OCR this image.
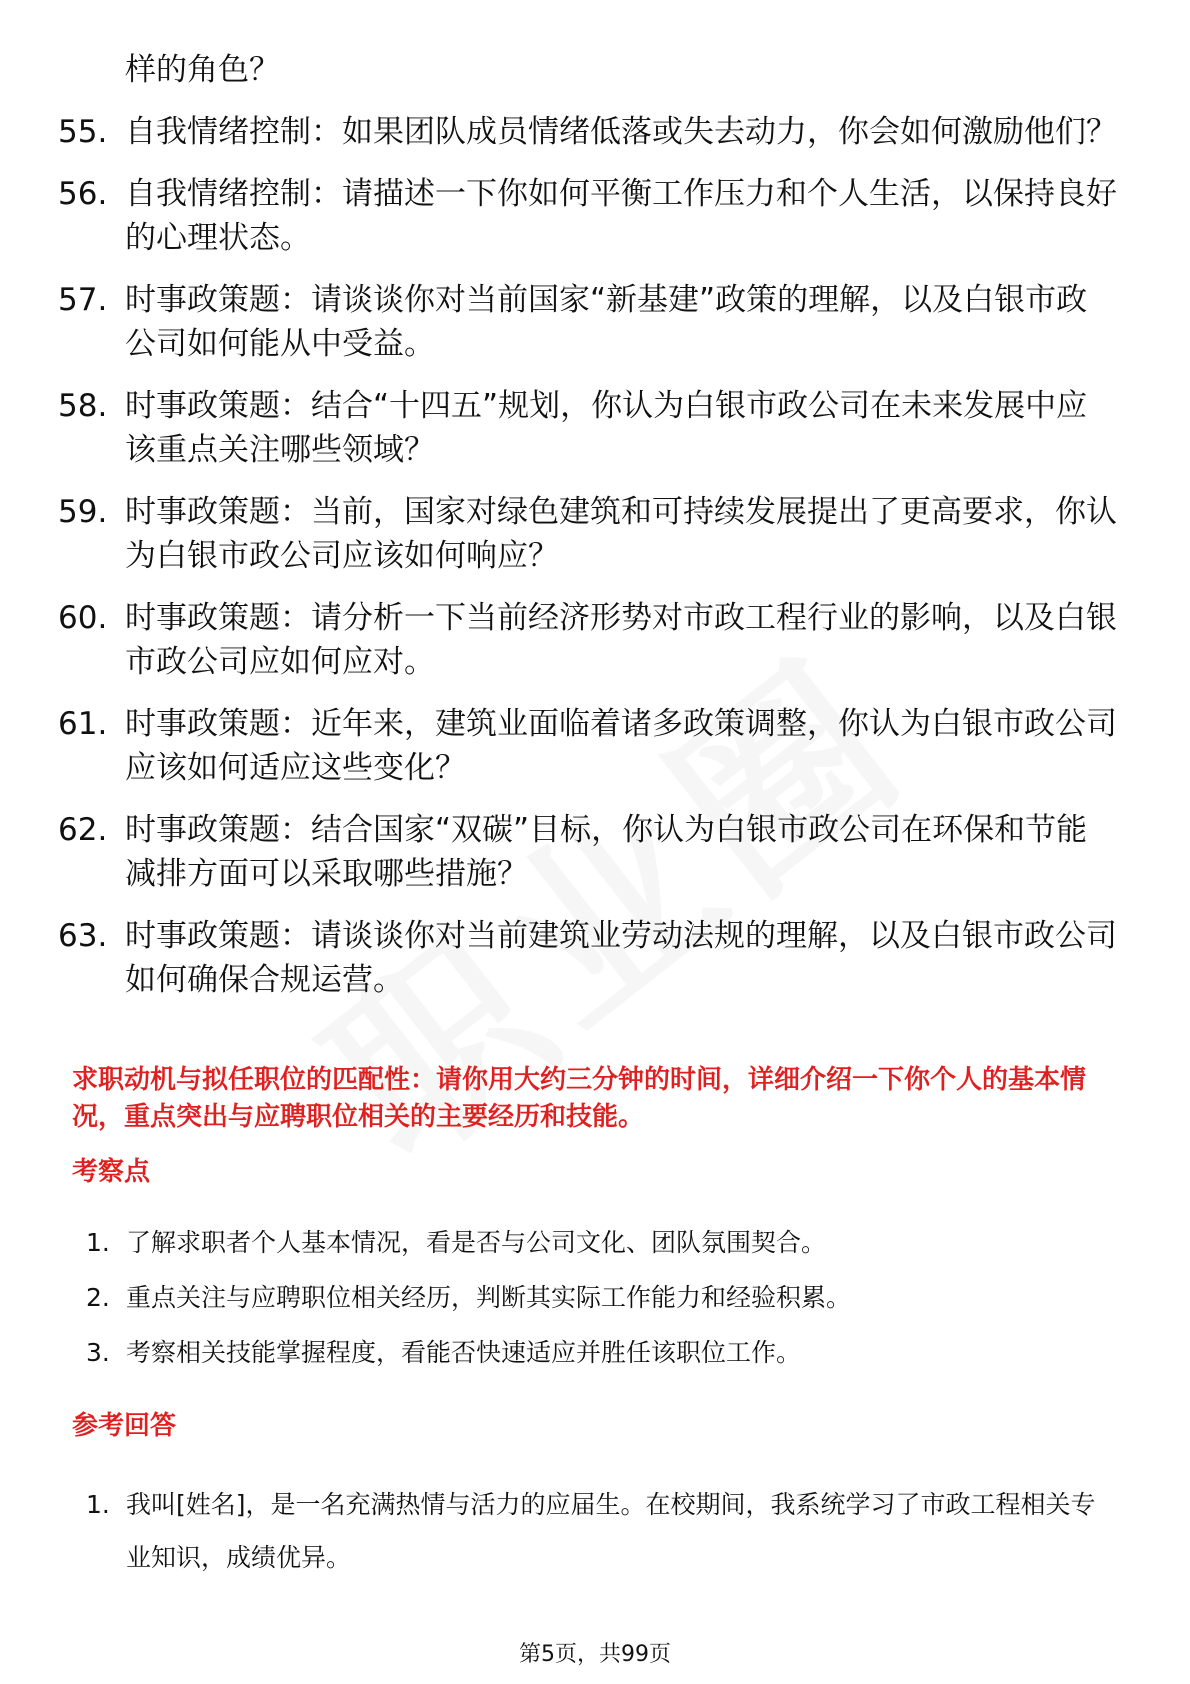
样的角色？
55. 自我情绪控制：如果团队成员情绪低落或失去动力，你会如何激励他们？
56. 自我情绪控制：请描述一下你如何平衡工作压力和个人生活，以保持良好的心理状态。
57. 时事政策题：请谈谈你对当前国家“新基建”政策的理解，以及白银市政公司如何能从中受益。
58. 时事政策题：结合“十四五”规划，你认为白银市政公司在未来发展中应该重点关注哪些领域？
59. 时事政策题：当前，国家对绿色建筑和可持续发展提出了更高要求，你认为白银市政公司应该如何响应？
60. 时事政策题：请分析一下当前经济形势对市政工程行业的影响，以及白银市政公司应如何应对。
61. 时事政策题：近年来，建筑业面临着诸多政策调整，你认为白银市政公司应该如何适应这些变化？
62. 时事政策题：结合国家“双碳”目标，你认为白银市政公司在环保和节能减排方面可以采取哪些措施？
63. 时事政策题：请谈谈你对当前建筑业劳动法规的理解，以及白银市政公司如何确保合规运营。
求职动机与拟任职位的匹配性：请你用大约三分钟的时间，详细介绍一下你个人的基本情况，重点突出与应聘职位相关的主要经历和技能。
考察点
1. 了解求职者个人基本情况，看是否与公司文化、团队氛围契合。
2. 重点关注与应聘职位相关经历，判断其实际工作能力和经验积累。
3. 考察相关技能掌握程度，看能否快速适应并胜任该职位工作。
参考回答
1. 我叫[姓名]，是一名充满热情与活力的应届生。在校期间，我系统学习了市政工程相关专业知识，成绩优异。
第5页，共99页
